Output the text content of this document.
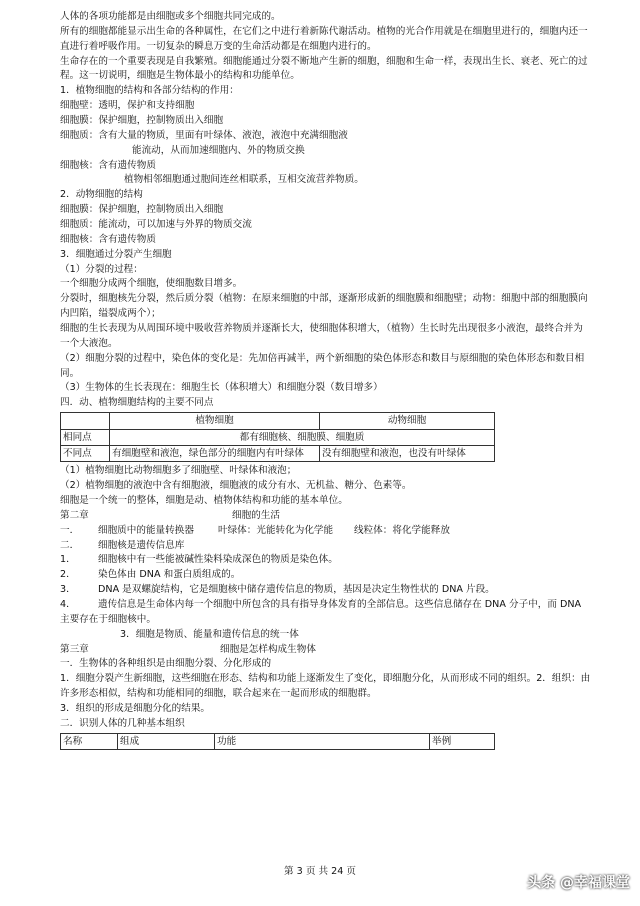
人体的各项功能都是由细胞或多个细胞共同完成的。

所有的细胞都能显示出生命的各种属性，在它们之中进行着新陈代谢活动。植物的光合作用就是在细胞里进行的，细胞内还一直进行着呼吸作用。一切复杂的瞬息万变的生命活动都是在细胞内进行的。

生命存在的一个重要表现是自我繁殖。细胞能通过分裂不断地产生新的细胞，细胞和生命一样，表现出生长、衰老、死亡的过程。这一切说明，细胞是生物体最小的结构和功能单位。

1．植物细胞的结构和各部分结构的作用：

细胞壁：透明，保护和支持细胞

细胞膜：保护细胞，控制物质出入细胞

细胞质：含有大量的物质，里面有叶绿体、液泡，液泡中充满细胞液

能流动，从而加速细胞内、外的物质交换

细胞核：含有遗传物质

植物相邻细胞通过胞间连丝相联系，互相交流营养物质。

2．动物细胞的结构

细胞膜：保护细胞，控制物质出入细胞

细胞质：能流动，可以加速与外界的物质交流

细胞核：含有遗传物质

3．细胞通过分裂产生细胞

（1）分裂的过程：

一个细胞分成两个细胞，使细胞数目增多。

分裂时，细胞核先分裂，然后质分裂（植物：在原来细胞的中部，逐渐形成新的细胞膜和细胞壁；动物：细胞中部的细胞膜向内凹陷，缢裂成两个）；

细胞的生长表现为从周围环境中吸收营养物质并逐渐长大，使细胞体积增大，（植物）生长时先出现很多小液泡，最终合并为一个大液泡。

（2）细胞分裂的过程中，染色体的变化是：先加倍再减半，两个新细胞的染色体形态和数目与原细胞的染色体形态和数目相同。

（3）生物体的生长表现在：细胞生长（体积增大）和细胞分裂（数目增多）

四．动、植物细胞结构的主要不同点

	植物细胞	动物细胞
相同点	都有细胞核、细胞膜、细胞质	
不同点	有细胞壁和液泡，绿色部分的细胞内有叶绿体	没有细胞壁和液泡，也没有叶绿体

（1）植物细胞比动物细胞多了细胞壁、叶绿体和液泡；

（2）植物细胞的液泡中含有细胞液，细胞液的成分有水、无机盐、糖分、色素等。

细胞是一个统一的整体，细胞是动、植物体结构和功能的基本单位。

第二章	细胞的生活
一．	细胞质中的能量转换器	叶绿体：光能转化为化学能	线粒体：将化学能释放
二．	细胞核是遗传信息库
1．	细胞核中有一些能被碱性染料染成深色的物质是染色体。
2．	染色体由 DNA 和蛋白质组成的。
3．	DNA 是双螺旋结构，它是细胞核中储存遗传信息的物质，基因是决定生物性状的 DNA 片段。

4． 遗传信息是生命体内每一个细胞中所包含的具有指导身体发育的全部信息。这些信息储存在 DNA 分子中，而 DNA 主要存在于细胞核中。

3．细胞是物质、能量和遗传信息的统一体

第三章	细胞是怎样构成生物体

一．生物体的各种组织是由细胞分裂、分化形成的

1．细胞分裂产生新细胞，这些细胞在形态、结构和功能上逐渐发生了变化，即细胞分化，从而形成不同的组织。2．组织：由许多形态相似，结构和功能相同的细胞，联合起来在一起而形成的细胞群。

3．组织的形成是细胞分化的结果。

二．识别人体的几种基本组织

名称	组成	功能	举例
第 3 页 共 24 页
头条 @幸福课堂
